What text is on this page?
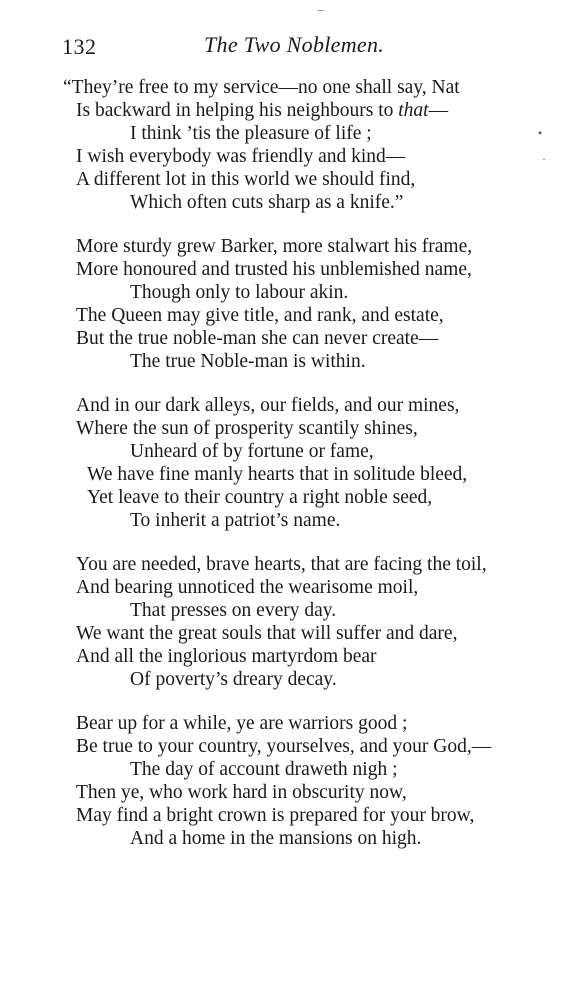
132	The Two Noblemen.
“They’re free to my service—no one shall say, Nat
Is backward in helping his neighbours to that—
I think ’tis the pleasure of life ;
I wish everybody was friendly and kind—
A different lot in this world we should find,
Which often cuts sharp as a knife.”
More sturdy grew Barker, more stalwart his frame,
More honoured and trusted his unblemished name,
Though only to labour akin.
The Queen may give title, and rank, and estate,
But the true noble-man she can never create—
The true Noble-man is within.
And in our dark alleys, our fields, and our mines,
Where the sun of prosperity scantily shines,
Unheard of by fortune or fame,
We have fine manly hearts that in solitude bleed,
Yet leave to their country a right noble seed,
To inherit a patriot’s name.
You are needed, brave hearts, that are facing the toil,
And bearing unnoticed the wearisome moil,
That presses on every day.
We want the great souls that will suffer and dare,
And all the inglorious martyrdom bear
Of poverty’s dreary decay.
Bear up for a while, ye are warriors good ;
Be true to your country, yourselves, and your God,—
The day of account draweth nigh ;
Then ye, who work hard in obscurity now,
May find a bright crown is prepared for your brow,
And a home in the mansions on high.
–
•
·
